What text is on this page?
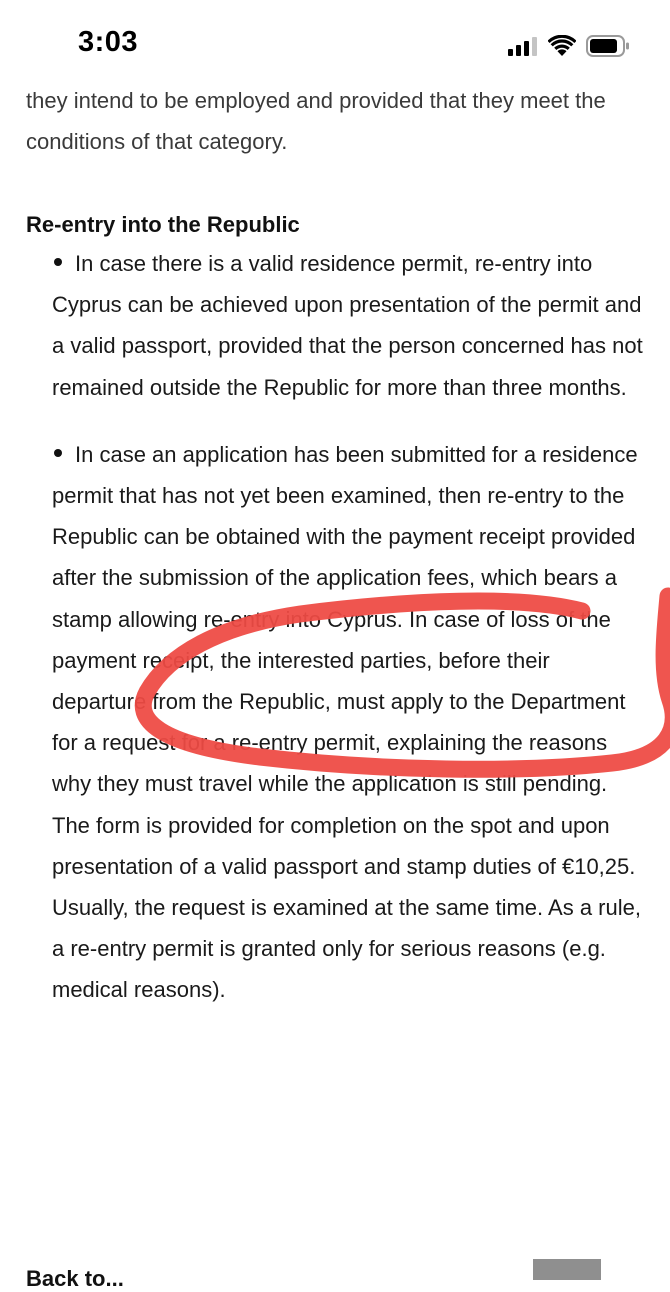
3:03

they intend to be employed and provided that they meet the conditions of that category.

Re-entry into the Republic
In case there is a valid residence permit, re-entry into Cyprus can be achieved upon presentation of the permit and a valid passport, provided that the person concerned has not remained outside the Republic for more than three months.
In case an application has been submitted for a residence permit that has not yet been examined, then re-entry to the Republic can be obtained with the payment receipt provided after the submission of the application fees, which bears a stamp allowing re-entry into Cyprus. In case of loss of the payment receipt, the interested parties, before their departure from the Republic, must apply to the Department for a request for a re-entry permit, explaining the reasons why they must travel while the application is still pending. The form is provided for completion on the spot and upon presentation of a valid passport and stamp duties of €10,25. Usually, the request is examined at the same time. As a rule, a re-entry permit is granted only for serious reasons (e.g. medical reasons).
Back to...
